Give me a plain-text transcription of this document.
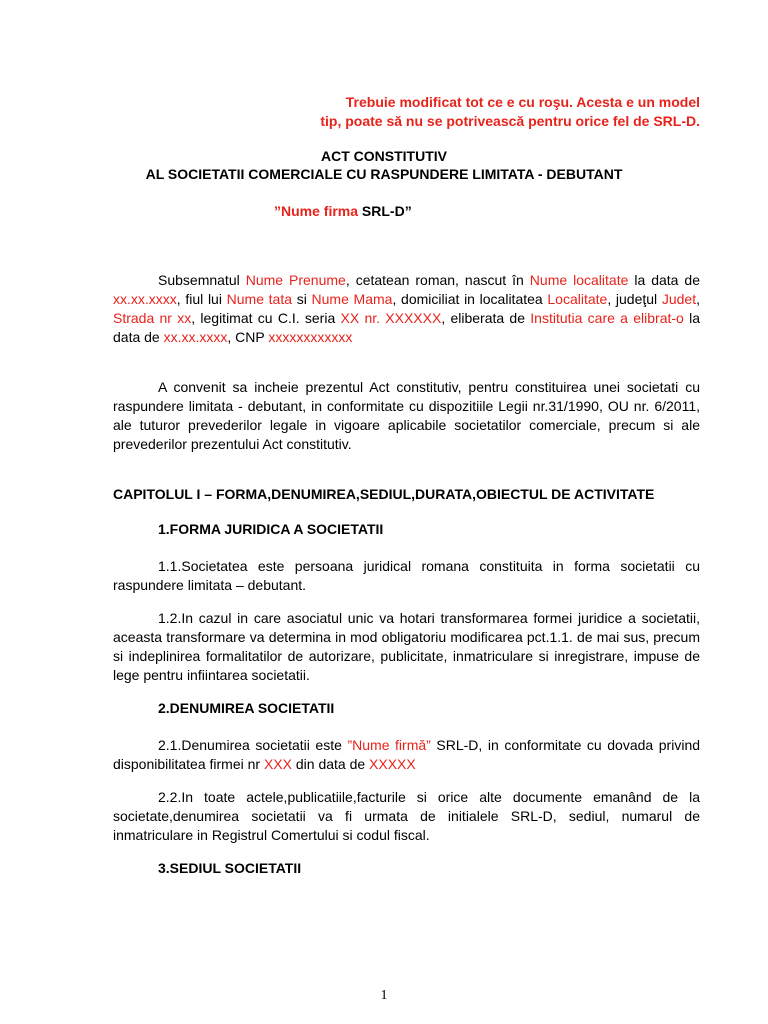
Trebuie modificat tot ce e cu roşu. Acesta e un model
tip, poate să nu se potrivească pentru orice fel de SRL-D.
ACT CONSTITUTIV
AL SOCIETATII COMERCIALE CU RASPUNDERE LIMITATA - DEBUTANT
”Nume firma SRL-D”

Subsemnatul Nume Prenume, cetatean roman, nascut în Nume localitate la data de xx.xx.xxxx, fiul lui Nume tata si Nume Mama, domiciliat in localitatea Localitate, judeţul Judet, Strada nr xx, legitimat cu C.I. seria XX nr. XXXXXX, eliberata de Institutia care a elibrat-o la data de xx.xx.xxxx, CNP xxxxxxxxxxxx

A convenit sa incheie prezentul Act constitutiv, pentru constituirea unei societati cu raspundere limitata - debutant, in conformitate cu dispozitiile Legii nr.31/1990, OU nr. 6/2011, ale tuturor prevederilor legale in vigoare aplicabile societatilor comerciale, precum si ale prevederilor prezentului Act constitutiv.

CAPITOLUL I – FORMA,DENUMIREA,SEDIUL,DURATA,OBIECTUL DE ACTIVITATE
1.FORMA JURIDICA A SOCIETATII

1.1.Societatea este persoana juridical romana constituita in forma societatii cu raspundere limitata – debutant.

1.2.In cazul in care asociatul unic va hotari transformarea formei juridice a societatii, aceasta transformare va determina in mod obligatoriu modificarea pct.1.1. de mai sus, precum si indeplinirea formalitatilor de autorizare, publicitate, inmatriculare si inregistrare, impuse de lege pentru infiintarea societatii.

2.DENUMIREA SOCIETATII

2.1.Denumirea societatii este ”Nume firmă” SRL-D, in conformitate cu dovada privind disponibilitatea firmei nr XXX din data de XXXXX

2.2.In toate actele,publicatiile,facturile si orice alte documente emanând de la societate,denumirea societatii va fi urmata de initialele SRL-D, sediul, numarul de inmatriculare in Registrul Comertului si codul fiscal.

3.SEDIUL SOCIETATII
1
